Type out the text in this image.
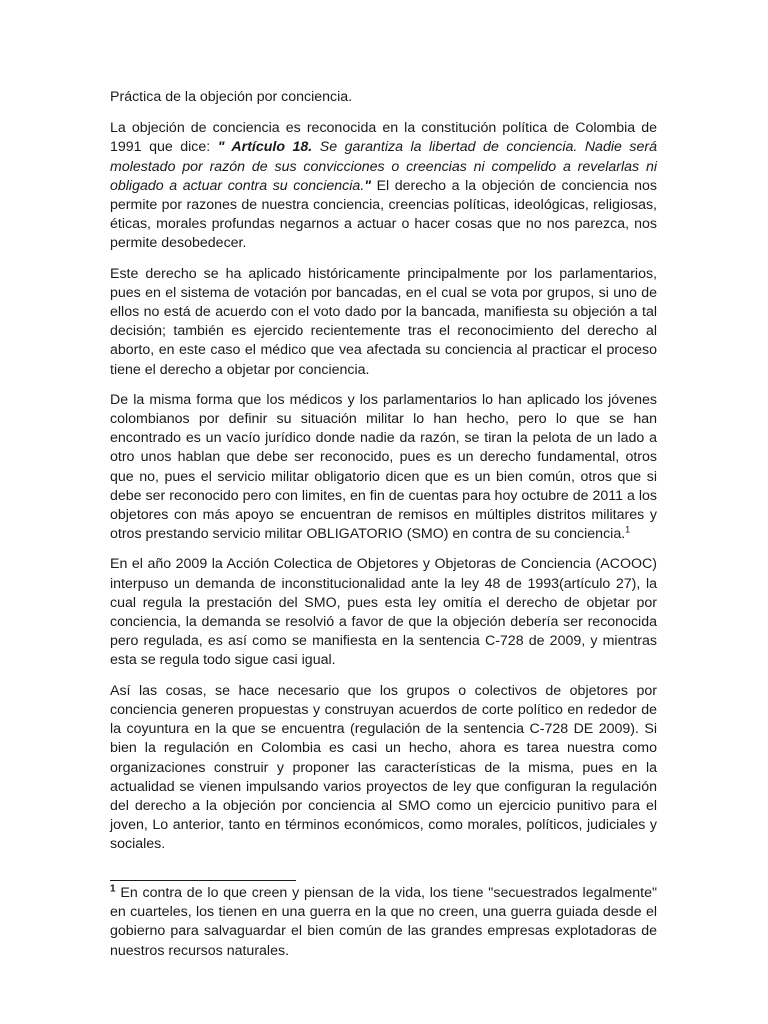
Práctica de la objeción por conciencia.

La objeción de conciencia es reconocida en la constitución política de Colombia de 1991 que dice: " Artículo 18. Se garantiza la libertad de conciencia. Nadie será molestado por razón de sus convicciones o creencias ni compelido a revelarlas ni obligado a actuar contra su conciencia." El derecho a la objeción de conciencia nos permite por razones de nuestra conciencia, creencias políticas, ideológicas, religiosas, éticas, morales profundas negarnos a actuar o hacer cosas que no nos parezca, nos permite desobedecer.

Este derecho se ha aplicado históricamente principalmente por los parlamentarios, pues en el sistema de votación por bancadas, en el cual se vota por grupos, si uno de ellos no está de acuerdo con el voto dado por la bancada, manifiesta su objeción a tal decisión; también es ejercido recientemente tras el reconocimiento del derecho al aborto, en este caso el médico que vea afectada su conciencia al practicar el proceso tiene el derecho a objetar por conciencia.

De la misma forma que los médicos y los parlamentarios lo han aplicado los jóvenes colombianos por definir su situación militar lo han hecho, pero lo que se han encontrado es un vacío jurídico donde nadie da razón, se tiran la pelota de un lado a otro unos hablan que debe ser reconocido, pues es un derecho fundamental, otros que no, pues el servicio militar obligatorio dicen que es un bien común, otros que si debe ser reconocido pero con limites, en fin de cuentas para hoy octubre de 2011 a los objetores con más apoyo se encuentran de remisos en múltiples distritos militares y otros prestando servicio militar OBLIGATORIO (SMO) en contra de su conciencia.$^1$

En el año 2009 la Acción Colectica de Objetores y Objetoras de Conciencia (ACOOC) interpuso un demanda de inconstitucionalidad ante la ley 48 de 1993(artículo 27), la cual regula la prestación del SMO, pues esta ley omitía el derecho de objetar por conciencia, la demanda se resolvió a favor de que la objeción debería ser reconocida pero regulada, es así como se manifiesta en la sentencia C-728 de 2009, y mientras esta se regula todo sigue casi igual.

Así las cosas, se hace necesario que los grupos o colectivos de objetores por conciencia generen propuestas y construyan acuerdos de corte político en rededor de la coyuntura en la que se encuentra (regulación de la sentencia C-728 DE 2009). Si bien la regulación en Colombia es casi un hecho, ahora es tarea nuestra como organizaciones construir y proponer las características de la misma, pues en la actualidad se vienen impulsando varios proyectos de ley que configuran la regulación del derecho a la objeción por conciencia al SMO como un ejercicio punitivo para el joven, Lo anterior, tanto en términos económicos, como morales, políticos, judiciales y sociales.

$^1$ En contra de lo que creen y piensan de la vida, los tiene "secuestrados legalmente" en cuarteles, los tienen en una guerra en la que no creen, una guerra guiada desde el gobierno para salvaguardar el bien común de las grandes empresas explotadoras de nuestros recursos naturales.
